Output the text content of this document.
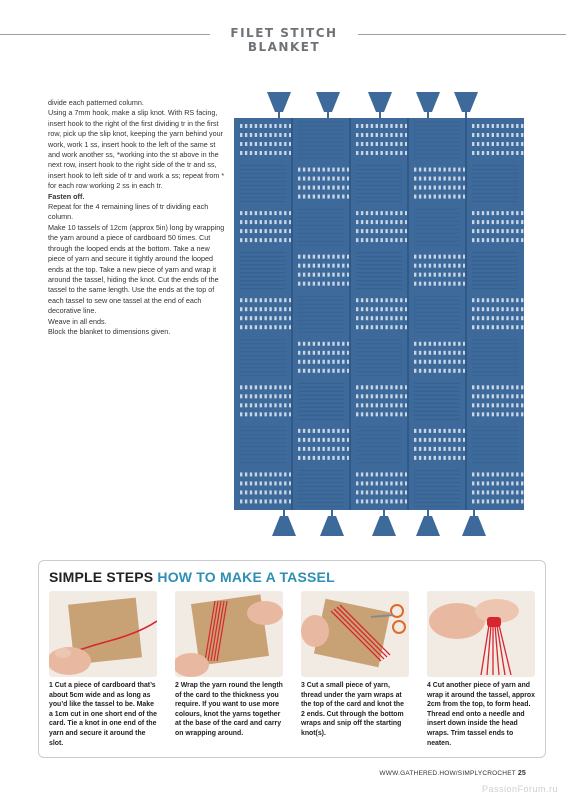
FILET STITCH BLANKET

divide each patterned column.

Using a 7mm hook, make a slip knot. With RS facing, insert hook to the right of the first dividing tr in the first row, pick up the slip knot, keeping the yarn behind your work, work 1 ss, insert hook to the left of the same st and work another ss, *working into the st above in the next row, insert hook to the right side of the tr and ss, insert hook to left side of tr and work a ss; repeat from * for each row working 2 ss in each tr.

Fasten off.

Repeat for the 4 remaining lines of tr dividing each column.

Make 10 tassels of 12cm (approx 5in) long by wrapping the yarn around a piece of cardboard 50 times. Cut through the looped ends at the bottom. Take a new piece of yarn and secure it tightly around the looped ends at the top. Take a new piece of yarn and wrap it around the tassel, hiding the knot. Cut the ends of the tassel to the same length. Use the ends at the top of each tassel to sew one tassel at the end of each decorative line.

Weave in all ends.

Block the blanket to dimensions given.

SIMPLE STEPS HOW TO MAKE A TASSEL
1 Cut a piece of cardboard that’s about 5cm wide and as long as you’d like the tassel to be. Make a 1cm cut in one short end of the card. Tie a knot in one end of the yarn and secure it around the slot.
2 Wrap the yarn round the length of the card to the thickness you require. If you want to use more colours, knot the yarns together at the base of the card and carry on wrapping around.
3 Cut a small piece of yarn, thread under the yarn wraps at the top of the card and knot the 2 ends. Cut through the bottom wraps and snip off the starting knot(s).
4 Cut another piece of yarn and wrap it around the tassel, approx 2cm from the top, to form head. Thread end onto a needle and insert down inside the head wraps. Trim tassel ends to neaten.
WWW.GATHERED.HOW/SIMPLYCROCHET 25
PassionForum.ru
